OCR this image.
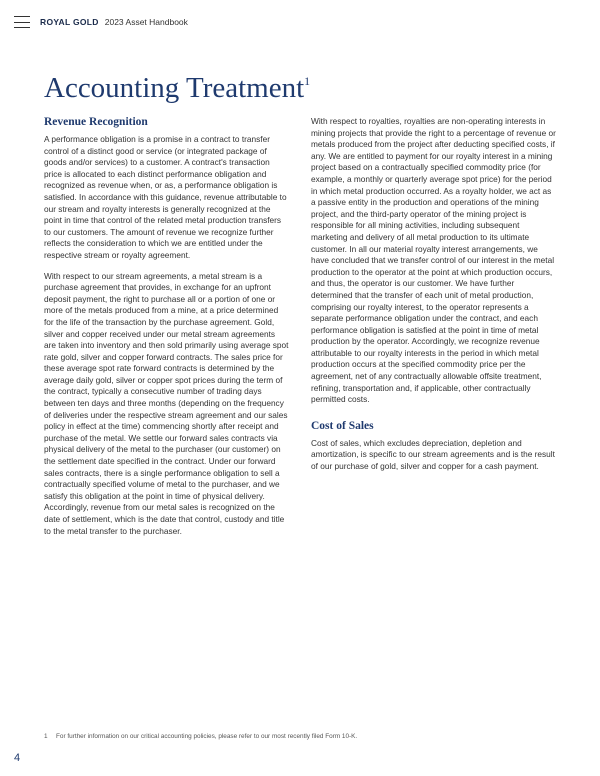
ROYAL GOLD 2023 Asset Handbook
Accounting Treatment$^1$
Revenue Recognition

A performance obligation is a promise in a contract to transfer control of a distinct good or service (or integrated package of goods and/or services) to a customer. A contract's transaction price is allocated to each distinct performance obligation and recognized as revenue when, or as, a performance obligation is satisfied. In accordance with this guidance, revenue attributable to our stream and royalty interests is generally recognized at the point in time that control of the related metal production transfers to our customers. The amount of revenue we recognize further reflects the consideration to which we are entitled under the respective stream or royalty agreement.

With respect to our stream agreements, a metal stream is a purchase agreement that provides, in exchange for an upfront deposit payment, the right to purchase all or a portion of one or more of the metals produced from a mine, at a price determined for the life of the transaction by the purchase agreement. Gold, silver and copper received under our metal stream agreements are taken into inventory and then sold primarily using average spot rate gold, silver and copper forward contracts. The sales price for these average spot rate forward contracts is determined by the average daily gold, silver or copper spot prices during the term of the contract, typically a consecutive number of trading days between ten days and three months (depending on the frequency of deliveries under the respective stream agreement and our sales policy in effect at the time) commencing shortly after receipt and purchase of the metal. We settle our forward sales contracts via physical delivery of the metal to the purchaser (our customer) on the settlement date specified in the contract. Under our forward sales contracts, there is a single performance obligation to sell a contractually specified volume of metal to the purchaser, and we satisfy this obligation at the point in time of physical delivery. Accordingly, revenue from our metal sales is recognized on the date of settlement, which is the date that control, custody and title to the metal transfer to the purchaser.

With respect to royalties, royalties are non-operating interests in mining projects that provide the right to a percentage of revenue or metals produced from the project after deducting specified costs, if any. We are entitled to payment for our royalty interest in a mining project based on a contractually specified commodity price (for example, a monthly or quarterly average spot price) for the period in which metal production occurred. As a royalty holder, we act as a passive entity in the production and operations of the mining project, and the third-party operator of the mining project is responsible for all mining activities, including subsequent marketing and delivery of all metal production to its ultimate customer. In all our material royalty interest arrangements, we have concluded that we transfer control of our interest in the metal production to the operator at the point at which production occurs, and thus, the operator is our customer. We have further determined that the transfer of each unit of metal production, comprising our royalty interest, to the operator represents a separate performance obligation under the contract, and each performance obligation is satisfied at the point in time of metal production by the operator. Accordingly, we recognize revenue attributable to our royalty interests in the period in which metal production occurs at the specified commodity price per the agreement, net of any contractually allowable offsite treatment, refining, transportation and, if applicable, other contractually permitted costs.

Cost of Sales

Cost of sales, which excludes depreciation, depletion and amortization, is specific to our stream agreements and is the result of our purchase of gold, silver and copper for a cash payment.

1 For further information on our critical accounting policies, please refer to our most recently filed Form 10-K.
4
